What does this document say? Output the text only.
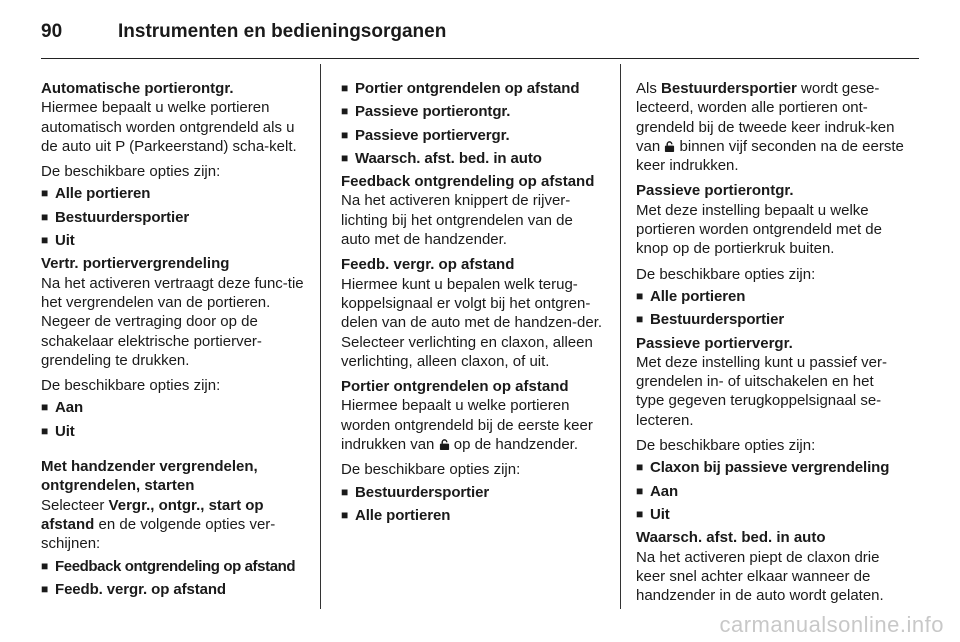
90	Instrumenten en bedieningsorganen
Automatische portierontgr.

Hiermee bepaalt u welke portieren automatisch worden ontgrendeld als u de auto uit P (Parkeerstand) scha-kelt.

De beschikbare opties zijn:

■ Alle portieren
■ Bestuurdersportier
■ Uit
Vertr. portiervergrendeling

Na het activeren vertraagt deze func-tie het vergrendelen van de portieren. Negeer de vertraging door op de schakelaar elektrische portierver-grendeling te drukken.

De beschikbare opties zijn:

■ Aan
■ Uit
Met handzender vergrendelen, ontgrendelen, starten

Selecteer Vergr., ontgr., start op afstand en de volgende opties ver-schijnen:

■ Feedback ontgrendeling op afstand
■ Feedb. vergr. op afstand
■ Portier ontgrendelen op afstand
■ Passieve portierontgr.
■ Passieve portiervergr.
■ Waarsch. afst. bed. in auto
Feedback ontgrendeling op afstand

Na het activeren knippert de rijver-lichting bij het ontgrendelen van de auto met de handzender.

Feedb. vergr. op afstand

Hiermee kunt u bepalen welk terug-koppelsignaal er volgt bij het ontgren-delen van de auto met de handzen-der. Selecteer verlichting en claxon, alleen verlichting, alleen claxon, of uit.

Portier ontgrendelen op afstand

Hiermee bepaalt u welke portieren worden ontgrendeld bij de eerste keer indrukken van  op de handzender.

De beschikbare opties zijn:

■ Bestuurdersportier
■ Alle portieren

Als Bestuurdersportier wordt gese-lecteerd, worden alle portieren ont-grendeld bij de tweede keer indruk-ken van  binnen vijf seconden na de eerste keer indrukken.

Passieve portierontgr.

Met deze instelling bepaalt u welke portieren worden ontgrendeld met de knop op de portierkruk buiten.

De beschikbare opties zijn:

■ Alle portieren
■ Bestuurdersportier
Passieve portiervergr.

Met deze instelling kunt u passief ver-grendelen in- of uitschakelen en het type gegeven terugkoppelsignaal se-lecteren.

De beschikbare opties zijn:

■ Claxon bij passieve vergrendeling
■ Aan
■ Uit
Waarsch. afst. bed. in auto

Na het activeren piept de claxon drie keer snel achter elkaar wanneer de handzender in de auto wordt gelaten.

carmanualsonline.info
